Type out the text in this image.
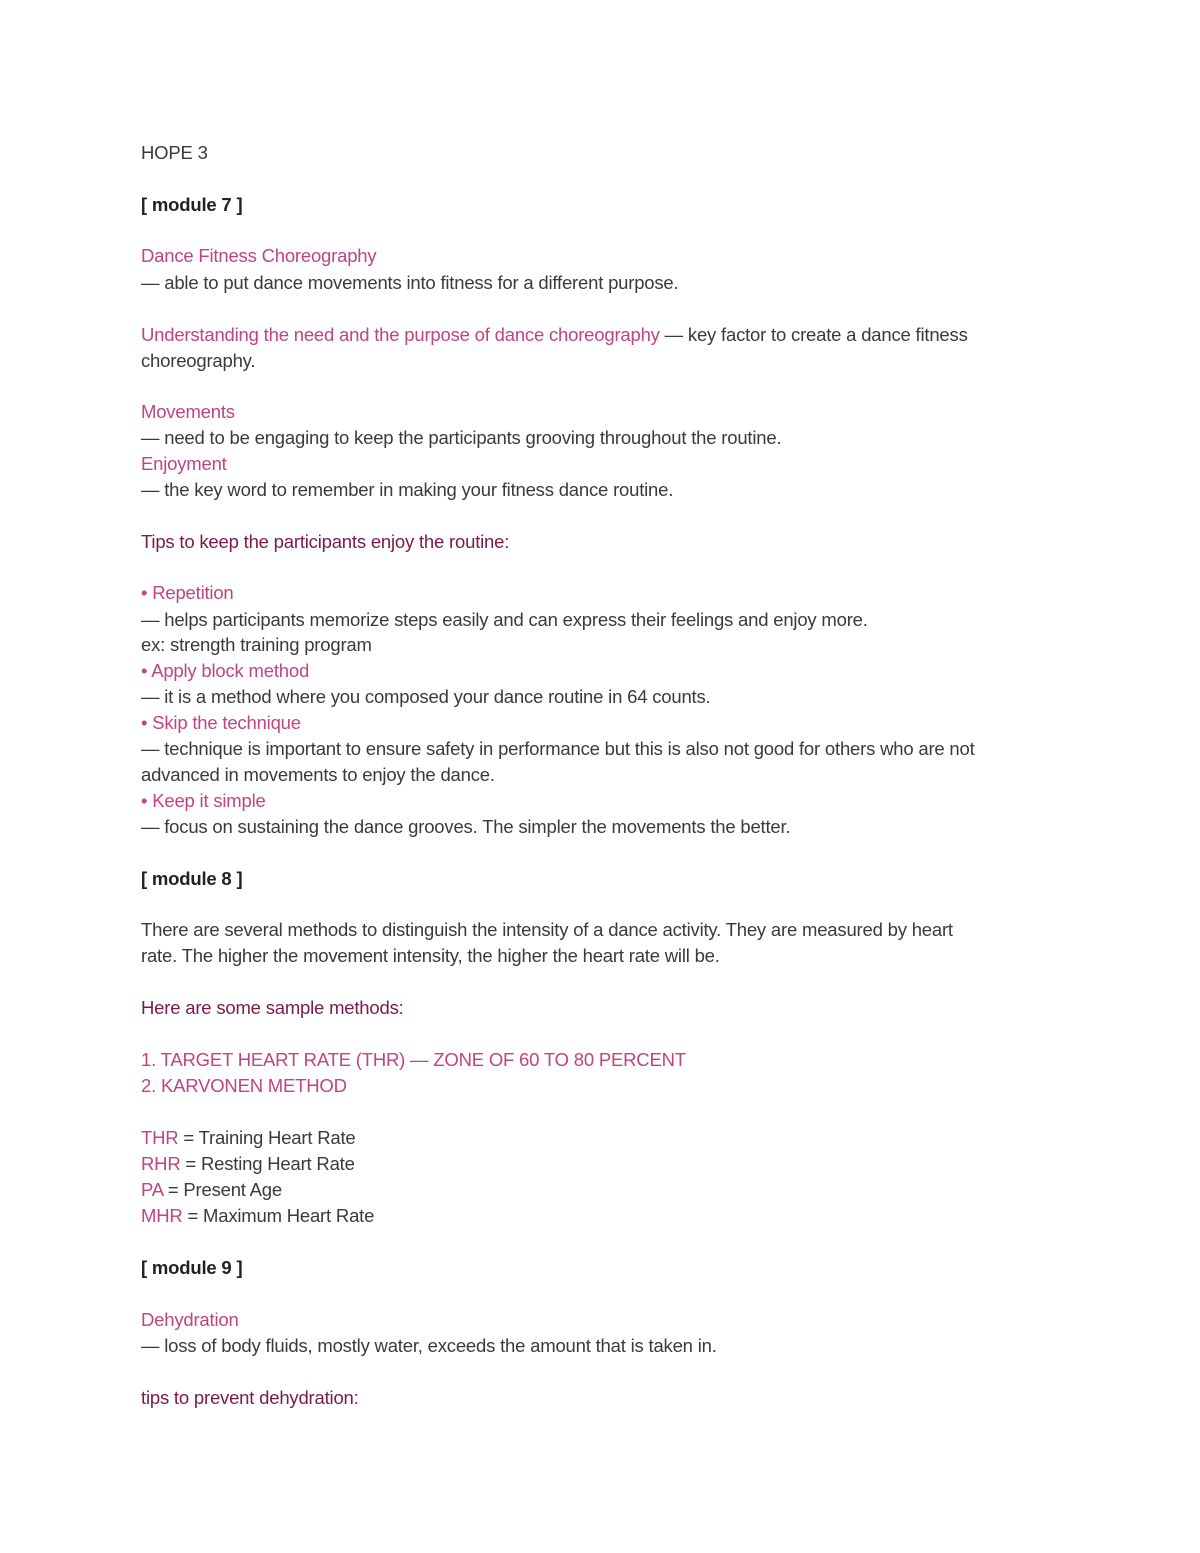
HOPE 3
[ module 7 ]
Dance Fitness Choreography
— able to put dance movements into fitness for a different purpose.
Understanding the need and the purpose of dance choreography — key factor to create a dance fitness
choreography.
Movements
— need to be engaging to keep the participants grooving throughout the routine.
Enjoyment
— the key word to remember in making your fitness dance routine.
Tips to keep the participants enjoy the routine:
• Repetition
— helps participants memorize steps easily and can express their feelings and enjoy more.
ex: strength training program
• Apply block method
— it is a method where you composed your dance routine in 64 counts.
• Skip the technique
— technique is important to ensure safety in performance but this is also not good for others who are not
advanced in movements to enjoy the dance.
• Keep it simple
— focus on sustaining the dance grooves. The simpler the movements the better.
[ module 8 ]
There are several methods to distinguish the intensity of a dance activity. They are measured by heart
rate. The higher the movement intensity, the higher the heart rate will be.
Here are some sample methods:
1. TARGET HEART RATE (THR) — ZONE OF 60 TO 80 PERCENT
2. KARVONEN METHOD
THR = Training Heart Rate
RHR = Resting Heart Rate
PA = Present Age
MHR = Maximum Heart Rate
[ module 9 ]
Dehydration
— loss of body fluids, mostly water, exceeds the amount that is taken in.
tips to prevent dehydration:
